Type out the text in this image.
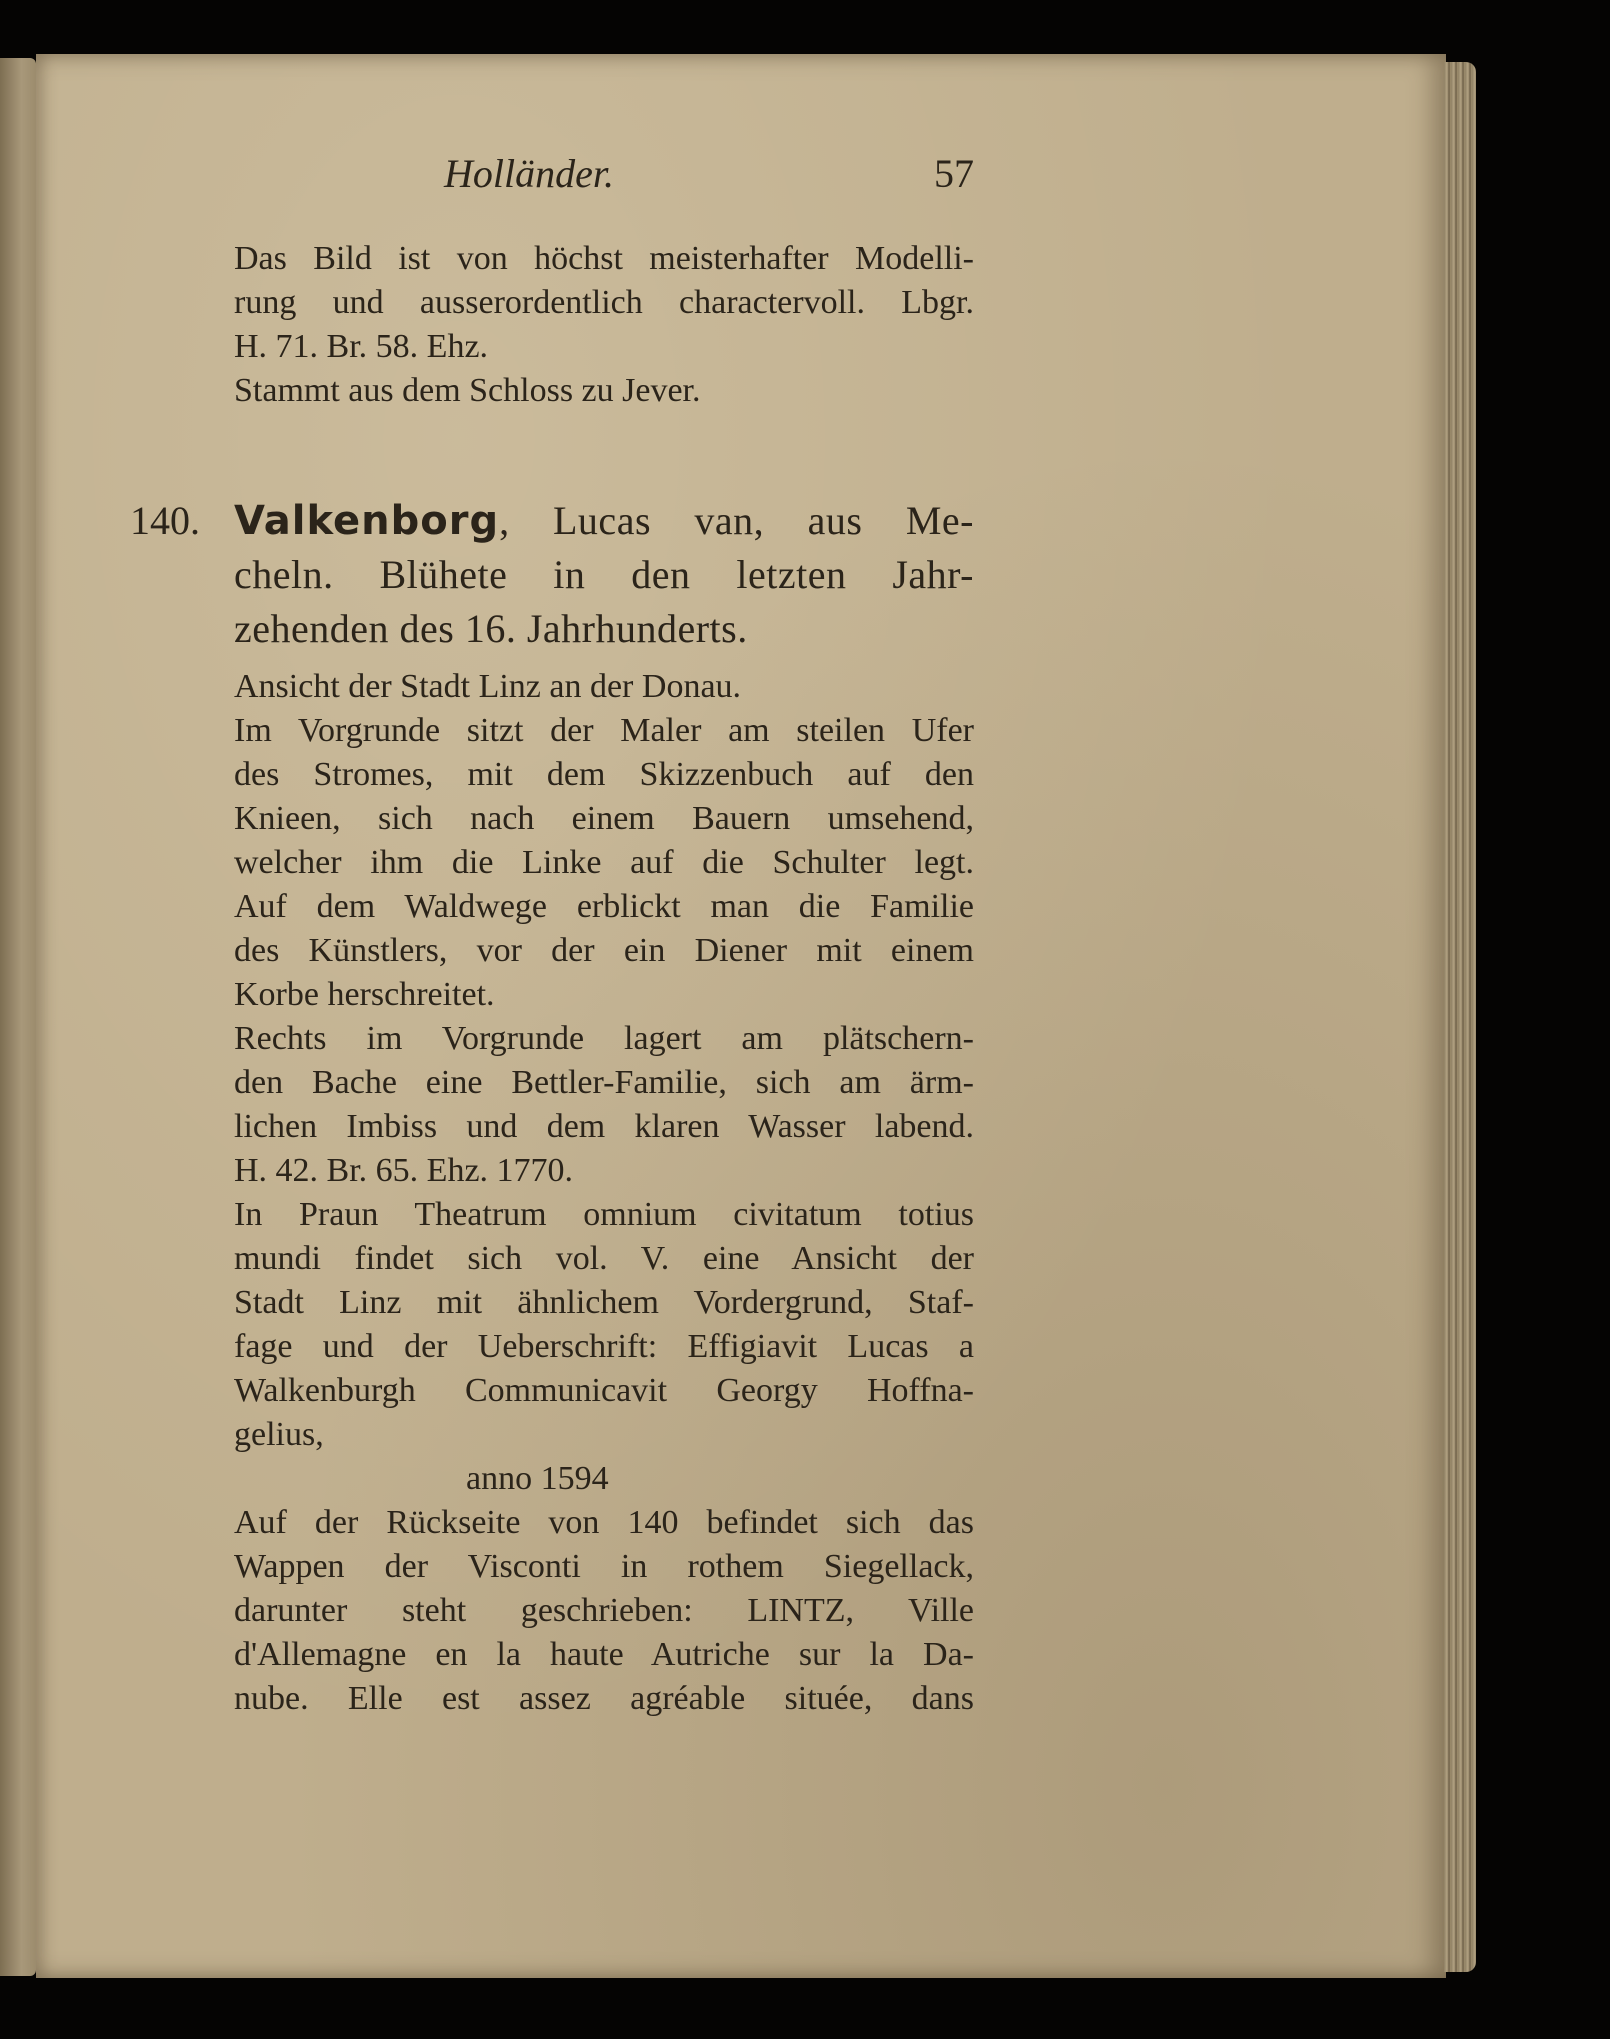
Holländer.	57
Das Bild ist von höchst meisterhafter Modelli-
rung und ausserordentlich charactervoll. Lbgr.
H. 71. Br. 58. Ehz.
Stammt aus dem Schloss zu Jever.
140. Valkenborg, Lucas van, aus Me-
cheln. Blühete in den letzten Jahr-
zehenden des 16. Jahrhunderts.
Ansicht der Stadt Linz an der Donau.
Im Vorgrunde sitzt der Maler am steilen Ufer
des Stromes, mit dem Skizzenbuch auf den
Knieen, sich nach einem Bauern umsehend,
welcher ihm die Linke auf die Schulter legt.
Auf dem Waldwege erblickt man die Familie
des Künstlers, vor der ein Diener mit einem
Korbe herschreitet.
Rechts im Vorgrunde lagert am plätschern-
den Bache eine Bettler-Familie, sich am ärm-
lichen Imbiss und dem klaren Wasser labend.
H. 42. Br. 65. Ehz. 1770.
In Praun Theatrum omnium civitatum totius
mundi findet sich vol. V. eine Ansicht der
Stadt Linz mit ähnlichem Vordergrund, Staf-
fage und der Ueberschrift: Effigiavit Lucas a
Walkenburgh Communicavit Georgy Hoffna-
gelius,
anno 1594
Auf der Rückseite von 140 befindet sich das
Wappen der Visconti in rothem Siegellack,
darunter steht geschrieben: LINTZ, Ville
d'Allemagne en la haute Autriche sur la Da-
nube. Elle est assez agréable située, dans
